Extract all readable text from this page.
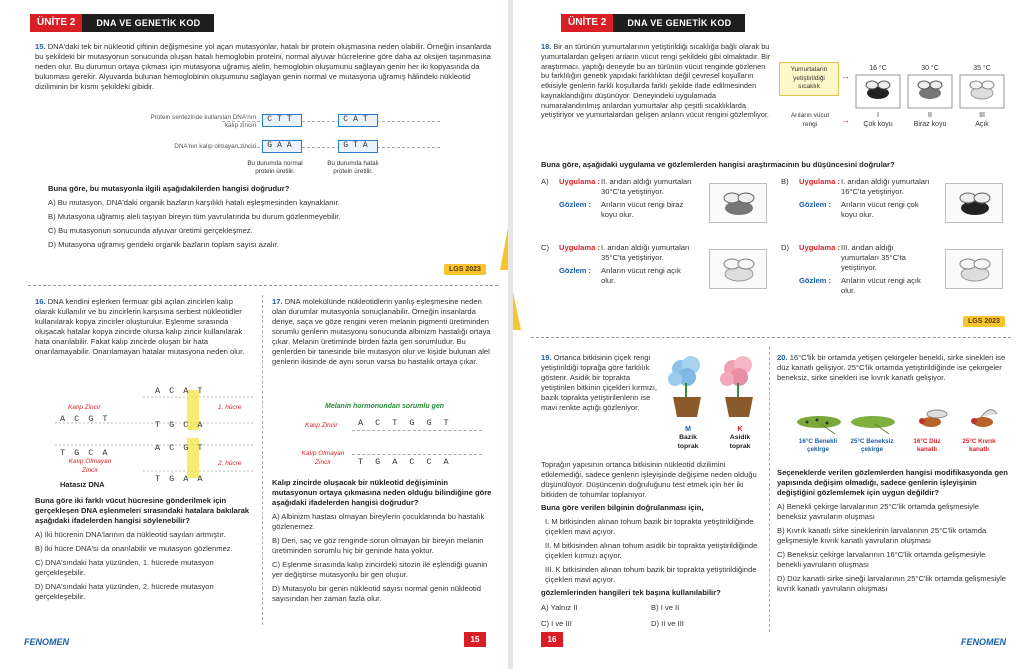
ÜNİTE 2	DNA VE GENETİK KOD

15. DNA'daki tek bir nükleotid çiftinin değişmesine yol açan mutasyonlar, hatalı bir protein oluşmasına neden olabilir. Örneğin insanlarda bu şekildeki bir mutasyonun sonucunda oluşan hatalı hemoglobin proteini, normal alyuvar hücrelerine göre daha az oksijen taşınmasına neden olur. Bu durumun ortaya çıkması için mutasyona uğramış alelin, hemoglobin oluşumunu sağlayan genin her iki kopyasında da bulunması gerekir. Alyuvarda bulunan hemoglobinin oluşumunu sağlayan genin normal ve mutasyona uğramış hâlindeki nükleotid diziliminin bir kısmı şekildeki gibidir.

Protein sentezinde kullanılan DNA'nın kalıp zinciri
DNA'nın kalıp olmayan zinciri
CTT
GAA
CAT
GTA
Bu durumda normal protein üretilir.
Bu durumda hatalı protein üretilir.

Buna göre, bu mutasyonla ilgili aşağıdakilerden hangisi doğrudur?

A) Bu mutasyon, DNA'daki organik bazların karşılıklı hatalı eşleşmesinden kaynaklanır.

B) Mutasyona uğramış aleli taşıyan bireyin tüm yavrularında bu durum gözlenmeyebilir.

C) Bu mutasyonun sonucunda alyuvar üretimi gerçekleşmez.

D) Mutasyona uğramış gendeki organik bazların toplam sayısı azalır.

LGS 2023

16. DNA kendini eşlerken fermuar gibi açılan zincirleri kalıp olarak kullanılır ve bu zincirlerin karşısına serbest nükleotidler kullanılarak kopya zincirler oluşturulur. Eşlenme sırasında oluşacak hatalar kopya zincirde olursa kalıp zincir kullanılarak hata onarılabilir. Fakat kalıp zincirde oluşan bir hata onarılamayabilir. Onarılamayan hatalar mutasyona neden olur.

ACAT
ACGT
TGCA
TGCA	ACGT
TGAA
Kalıp Zincir
Kalıp Olmayan Zincir
1. hücre
2. hücre
Hatasız DNA

Buna göre iki farklı vücut hücresine gönderilmek için gerçekleşen DNA eşlenmeleri sırasındaki hatalara bakılarak aşağıdaki ifadelerden hangisi söylenebilir?

A) İki hücrenin DNA'larının da nükleotid sayıları artmıştır.

B) İki hücre DNA'sı da onarılabilir ve mutasyon gözlenmez.

C) DNA'sındaki hata yüzünden, 1. hücrede mutasyon gerçekleşebilir.

D) DNA'sındaki hata yüzünden, 2. hücrede mutasyon gerçekleşebilir.

17. DNA molekülünde nükleotidlerin yanlış eşleşmesine neden olan durumlar mutasyonla sonuçlanabilir. Örneğin insanlarda deriye, saça ve göze rengini veren melanin pigmenti üretiminden sorumlu genlerin mutasyonu sonucunda albinizm hastalığı ortaya çıkar. Melanin üretiminde birden fazla gen sorumludur. Bu genlerden bir tanesinde bile mutasyon olur ve kişide bulunan alel genlerin ikisinde de aynı sorun varsa bu hastalık ortaya çıkar.

Melanin hormonundan sorumlu gen
Kalıp Zincir
Kalıp Olmayan Zincir
ACTGGT
TGACCA

Kalıp zincirde oluşacak bir nükleotid değişiminin mutasyonun ortaya çıkmasına neden olduğu bilindiğine göre aşağıdaki ifadelerden hangisi doğrudur?

A) Albinizm hastası olmayan bireylerin çocuklarında bu hastalık gözlenemez.

B) Deri, saç ve göz renginde sorun olmayan bir bireyin melanin üretiminden sorumlu hiç bir geninde hata yoktur.

C) Eşlenme sırasında kalıp zincirdeki sitozin ile eşlendiği guanin yer değiştirse mutasyonlu bir gen oluşur.

D) Mutasyolu bir genin nükleotid sayısı normal genin nükleotid sayısından her zaman fazla olur.

FENOMEN	15
ÜNİTE 2	DNA VE GENETİK KOD

18. Bir arı türünün yumurtalarının yetiştirildiği sıcaklığa bağlı olarak bu yumurtalardan gelişen arıların vücut rengi şekildeki gibi olmaktadır. Bir araştırmacı, yaptığı deneyde bu arı türünün vücut renginde gözlenen bu farklılığın genetik yapıdaki farklılıktan değil çevresel koşulların etkisiyle genlerin farklı koşullarda farklı şekilde ifade edilmesinden kaynaklandığını düşünüyor. Deneyindeki uygulamada numaralandırılmış arılardan yumurtalar alıp çeşitli sıcaklıklarda yetiştiriyor ve yumurtalardan gelişen arıların vücut rengini gözlemliyor.

Yumurtaların yetiştirildiği sıcaklık
Arıların vücut rengi
→
→
16 °C	30 °C	35 °C
I	II	III
Çok koyu	Biraz koyu	Açık
Buna göre, aşağıdaki uygulama ve gözlemlerden hangisi araştırmacının bu düşüncesini doğrular?
A)	Uygulama : II. arıdan aldığı yumurtaları 30°C'ta yetiştiriyor.
Gözlem :	Arıların vücut rengi biraz koyu olur.
B)	Uygulama : I. arıdan aldığı yumurtaları 16°C'ta yetiştiriyor.
Gözlem :	Arıların vücut rengi çok koyu olur.
C)	Uygulama : I. arıdan aldığı yumurtaları 35°C'ta yetiştiriyor.
Gözlem :	Arıların vücut rengi açık olur.
D)	Uygulama : III. arıdan aldığı yumurtaları 35°C'ta yetiştiriyor.
Gözlem :	Arıların vücut rengi açık olur.
LGS 2023

19. Ortanca bitkisinin çiçek rengi yetiştirildiği toprağa göre farklılık gösterir. Asidik bir toprakta yetiştirilen bitkinin çiçekleri kırmızı, bazik toprakta yetiştirilenlerin ise mavi renkte açtığı gözleniyor.

M	K
Bazik toprak
Asidik toprak

Toprağın yapısının ortanca bitkisinin nükleotid dizilimini etkilemediği, sadece genlerin işleyişinde değişime neden olduğu düşünülüyor. Düşüncenin doğruluğunu test etmek için her iki bitkiden de tohumlar toplanıyor.

Buna göre verilen bilginin doğrulanması için,

I. M bitkisinden alınan tohum bazik bir toprakta yetiştirildiğinde çiçekleri mavi açıyor.

II. M bitkisinden alınan tohum asidik bir toprakta yetiştirildiğinde çiçekleri kırmızı açıyor.

III. K bitkisinden alınan tohum bazik bir toprakta yetiştirildiğinde çiçekleri mavi açıyor.

gözlemlerinden hangileri tek başına kullanılabilir?

A) Yalnız II	B) I ve II
C) I ve III	D) II ve III

20. 16°C'lik bir ortamda yetişen çekirgeler benekli, sirke sinekleri ise düz kanatlı gelişiyor. 25°C'lik ortamda yetiştirildiğinde ise çekirgeler beneksiz, sirke sinekleri ise kıvrık kanatlı gelişiyor.

16°C Benekli çekirge
25°C Beneksiz çekirge
16°C Düz kanatlı
25°C Kıvrık kanatlı

Seçeneklerde verilen gözlemlerden hangisi modifikasyonda gen yapısında değişim olmadığı, sadece genlerin işleyişinin değiştiğini gözlemlemek için uygun değildir?

A) Benekli çekirge larvalarının 25°C'lik ortamda gelişmesiyle beneksiz yavruların oluşması

B) Kıvrık kanatlı sirke sineklerinin larvalarının 25°C'lik ortamda gelişmesiyle kıvrık kanatlı yavruların oluşması

C) Beneksiz çekirge larvalarının 16°C'lik ortamda gelişmesiyle benekli yavruların oluşması

D) Düz kanatlı sirke sineği larvalarının 25°C'lik ortamda gelişmesiyle kıvrık kanatlı yavruların oluşması

16	FENOMEN
